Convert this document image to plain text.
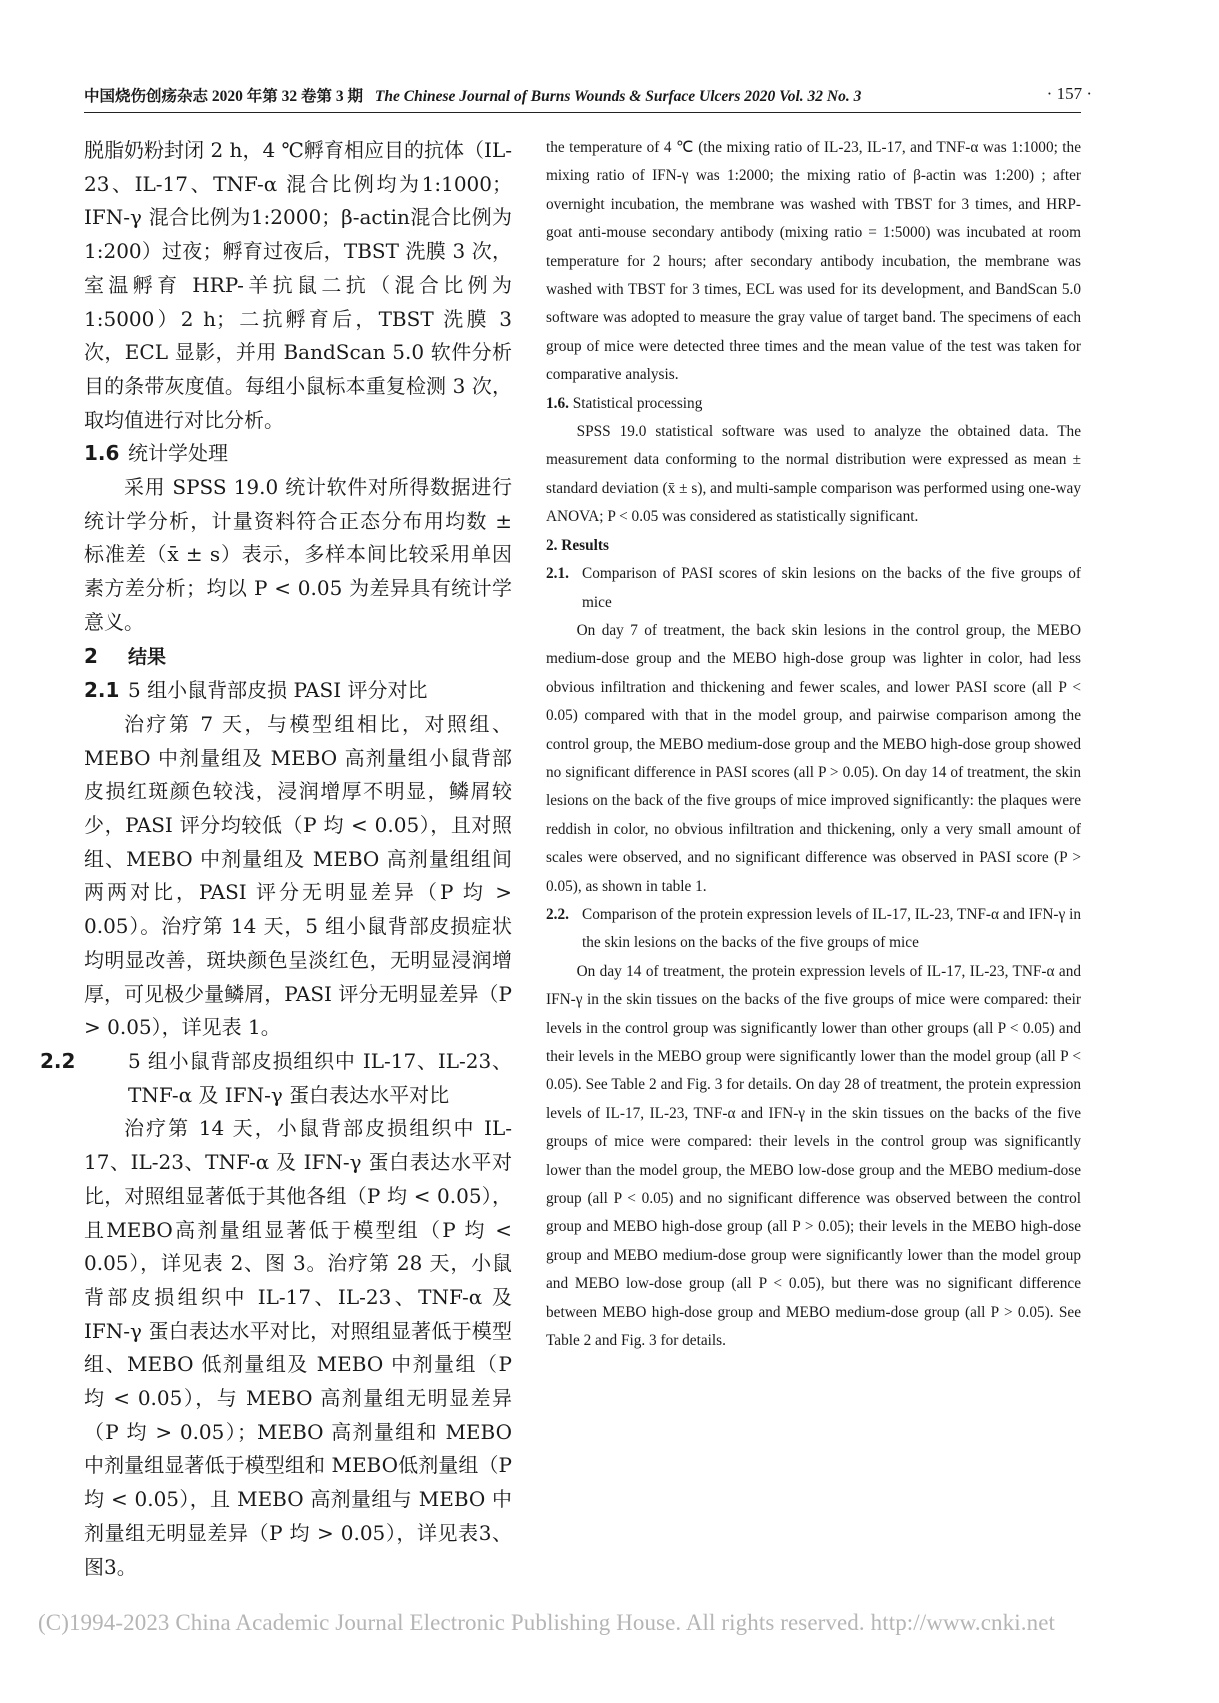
中国烧伤创疡杂志 2020 年第 32 卷第 3 期 The Chinese Journal of Burns Wounds & Surface Ulcers 2020 Vol. 32 No. 3	· 157 ·

脱脂奶粉封闭 2 h，4 ℃孵育相应目的抗体（IL-23、IL-17、TNF-α 混合比例均为1:1000；IFN-γ 混合比例为1:2000；β-actin混合比例为1:200）过夜；孵育过夜后，TBST 洗膜 3 次，室温孵育 HRP-羊抗鼠二抗（混合比例为1:5000）2 h；二抗孵育后，TBST 洗膜 3 次，ECL 显影，并用 BandScan 5.0 软件分析目的条带灰度值。每组小鼠标本重复检测 3 次，取均值进行对比分析。

1.6 统计学处理

采用 SPSS 19.0 统计软件对所得数据进行统计学分析，计量资料符合正态分布用均数 ± 标准差（x̄ ± s）表示，多样本间比较采用单因素方差分析；均以 P < 0.05 为差异具有统计学意义。

2 结果

2.1 5 组小鼠背部皮损 PASI 评分对比

治疗第 7 天，与模型组相比，对照组、MEBO 中剂量组及 MEBO 高剂量组小鼠背部皮损红斑颜色较浅，浸润增厚不明显，鳞屑较少，PASI 评分均较低（P 均 < 0.05），且对照组、MEBO 中剂量组及 MEBO 高剂量组组间两两对比，PASI 评分无明显差异（P 均 > 0.05）。治疗第 14 天，5 组小鼠背部皮损症状均明显改善，斑块颜色呈淡红色，无明显浸润增厚，可见极少量鳞屑，PASI 评分无明显差异（P > 0.05），详见表 1。

2.2	5 组小鼠背部皮损组织中 IL-17、IL-23、TNF-α 及 IFN-γ 蛋白表达水平对比

治疗第 14 天，小鼠背部皮损组织中 IL-17、IL-23、TNF-α 及 IFN-γ 蛋白表达水平对比，对照组显著低于其他各组（P 均 < 0.05），且MEBO高剂量组显著低于模型组（P 均 < 0.05），详见表 2、图 3。治疗第 28 天，小鼠背部皮损组织中 IL-17、IL-23、TNF-α 及 IFN-γ 蛋白表达水平对比，对照组显著低于模型组、MEBO 低剂量组及 MEBO 中剂量组（P 均 < 0.05），与 MEBO 高剂量组无明显差异（P 均 > 0.05）；MEBO 高剂量组和 MEBO 中剂量组显著低于模型组和 MEBO低剂量组（P 均 < 0.05），且 MEBO 高剂量组与 MEBO 中剂量组无明显差异（P 均 > 0.05），详见表3、图3。

the temperature of 4 ℃ (the mixing ratio of IL-23, IL-17, and TNF-α was 1:1000; the mixing ratio of IFN-γ was 1:2000; the mixing ratio of β-actin was 1:200) ; after overnight incubation, the membrane was washed with TBST for 3 times, and HRP-goat anti-mouse secondary antibody (mixing ratio = 1:5000) was incubated at room temperature for 2 hours; after secondary antibody incubation, the membrane was washed with TBST for 3 times, ECL was used for its development, and BandScan 5.0 software was adopted to measure the gray value of target band. The specimens of each group of mice were detected three times and the mean value of the test was taken for comparative analysis.

1.6. Statistical processing

SPSS 19.0 statistical software was used to analyze the obtained data. The measurement data conforming to the normal distribution were expressed as mean ± standard deviation (x̄ ± s), and multi-sample comparison was performed using one-way ANOVA; P < 0.05 was considered as statistically significant.

2. Results

2.1. Comparison of PASI scores of skin lesions on the backs of the five groups of mice

On day 7 of treatment, the back skin lesions in the control group, the MEBO medium-dose group and the MEBO high-dose group was lighter in color, had less obvious infiltration and thickening and fewer scales, and lower PASI score (all P < 0.05) compared with that in the model group, and pairwise comparison among the control group, the MEBO medium-dose group and the MEBO high-dose group showed no significant difference in PASI scores (all P > 0.05). On day 14 of treatment, the skin lesions on the back of the five groups of mice improved significantly: the plaques were reddish in color, no obvious infiltration and thickening, only a very small amount of scales were observed, and no significant difference was observed in PASI score (P > 0.05), as shown in table 1.

2.2. Comparison of the protein expression levels of IL-17, IL-23, TNF-α and IFN-γ in the skin lesions on the backs of the five groups of mice

On day 14 of treatment, the protein expression levels of IL-17, IL-23, TNF-α and IFN-γ in the skin tissues on the backs of the five groups of mice were compared: their levels in the control group was significantly lower than other groups (all P < 0.05) and their levels in the MEBO group were significantly lower than the model group (all P < 0.05). See Table 2 and Fig. 3 for details. On day 28 of treatment, the protein expression levels of IL-17, IL-23, TNF-α and IFN-γ in the skin tissues on the backs of the five groups of mice were compared: their levels in the control group was significantly lower than the model group, the MEBO low-dose group and the MEBO medium-dose group (all P < 0.05) and no significant difference was observed between the control group and MEBO high-dose group (all P > 0.05); their levels in the MEBO high-dose group and MEBO medium-dose group were significantly lower than the model group and MEBO low-dose group (all P < 0.05), but there was no significant difference between MEBO high-dose group and MEBO medium-dose group (all P > 0.05). See Table 2 and Fig. 3 for details.

(C)1994-2023 China Academic Journal Electronic Publishing House. All rights reserved. http://www.cnki.net
